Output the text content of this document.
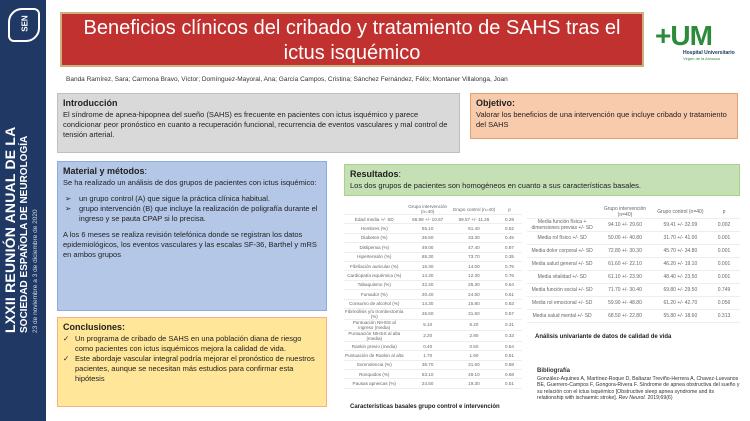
SEN
LXXII REUNIÓN ANUAL DE LA SOCIEDAD ESPAÑOLA DE NEUROLOGÍA 23 de noviembre a 3 de diciembre de 2020
Beneficios clínicos del cribado y tratamiento de SAHS tras el ictus isquémico
+UM
Hospital Universitario
Virgen de la Arrixaca
Banda Ramírez, Sara; Carmona Bravo, Víctor; Domínguez-Mayoral, Ana; García Campos, Cristina; Sánchez Fernández, Félix; Montaner Villalonga, Joan
Introducción

El síndrome de apnea-hipopnea del sueño (SAHS) es frecuente en pacientes con ictus isquémico y parece condicionar peor pronóstico en cuanto a recuperación funcional, recurrencia de eventos vasculares y mal control de tensión arterial.

Objetivo:

Valorar los beneficios de una intervención que incluye cribado y tratamiento del SAHS

Material y métodos:

Se ha realizado un análisis de dos grupos de pacientes con ictus isquémico:

➢	un grupo control (A) que sigue la práctica clínica habitual.
➢	grupo intervención (B) que incluye la realización de poligrafía durante el ingreso y se pauta CPAP si lo precisa.

A los 6 meses se realiza revisión telefónica donde se registran los datos epidemiológicos, los eventos vasculares y las escalas SF-36, Barthel y mRS en ambos grupos

Resultados:

Los dos grupos de pacientes son homogéneos en cuanto a sus características basales.

Conclusiones:
✓ Un programa de cribado de SAHS en una población diana de riesgo como pacientes con ictus isquémicos mejora la calidad de vida.
✓ Este abordaje vascular integral podría mejorar el pronóstico de nuestros pacientes, aunque se necesitan más estudios para confirmar esta hipótesis
	Grupo intervención (n=40)	Grupo control (n=40)	p
Edad media +/- SD	66.98 +/- 10.57	69.57 +/- 11.26	0.29
Hombres (%)	55.10	61.40	0.52
Diabetes (%)	26.50	33.30	0.45
Dislipemia (%)	49.00	47.40	0.87
Hipertensión (%)	65.30	73.70	0.35
Fibrilación auricular (%)	16.30	14.00	0.75
Cardiopatía isquémica (%)	14.30	12.30	0.76
Tabaquismo (%)	22.40	26.30	0.64
Fumador (%)	20.40	24.60	0.61
Consumo de alcohol (%)	14.30	15.80	0.83
Fibrinólisis y/o trombectomía (%)	26.50	31.60	0.57
Puntuación NIHSS al ingreso (media)	5.10	6.20	0.31
Puntuación NIHSS al alta (media)	2.20	2.90	0.33
Rankin previo (media)	0.40	0.50	0.54
Puntuación de Rankin al alta	1.70	1.90	0.51
Somnolencia (%)	36.70	31.60	0.58
Ronquidos (%)	53.10	49.10	0.68
Pausas apneicas (%)	24.50	19.30	0.51
Características basales grupo control e intervención
	Grupo intervención (n=40)	Grupo control (n=40)	p
Media función física + dimensiones previas +/- SD	94.10 +/- 29.60	59.41 +/- 32.09	0.002
Media rol físico +/- SD	50.00 +/- 40.80	31.70 +/- 41.00	0.001
Media dolor corporal +/- SD	72.80 +/- 30.30	45.70 +/- 34.80	0.001
Media salud general +/- SD	61.60 +/- 22.10	46.20 +/- 19.10	0.001
Media vitalidad +/- SD	61.10 +/- 23.90	48.40 +/- 23.50	0.001
Media función social +/- SD	71.70 +/- 30.40	69.80 +/- 29.50	0.749
Media rol emocional +/- SD	59.90 +/- 48.80	61.20 +/- 42.70	0.056
Media salud mental +/- SD	68.50 +/- 22.80	55.80 +/- 18.60	0.313
Análisis univariante de datos de calidad de vida
Bibliografía
González-Aquines A, Martínez-Roque D, Baltazar Treviño-Herrera A, Chavez-Luevanos BE, Guerrero-Campos F, Gongora-Rivera F. Síndrome de apnea obstructiva del sueño y su relación con el ictus isquémico [Obstructive sleep apnea syndrome and its relationship with ischaemic stroke]. Rev Neurol. 2019;69(6)
